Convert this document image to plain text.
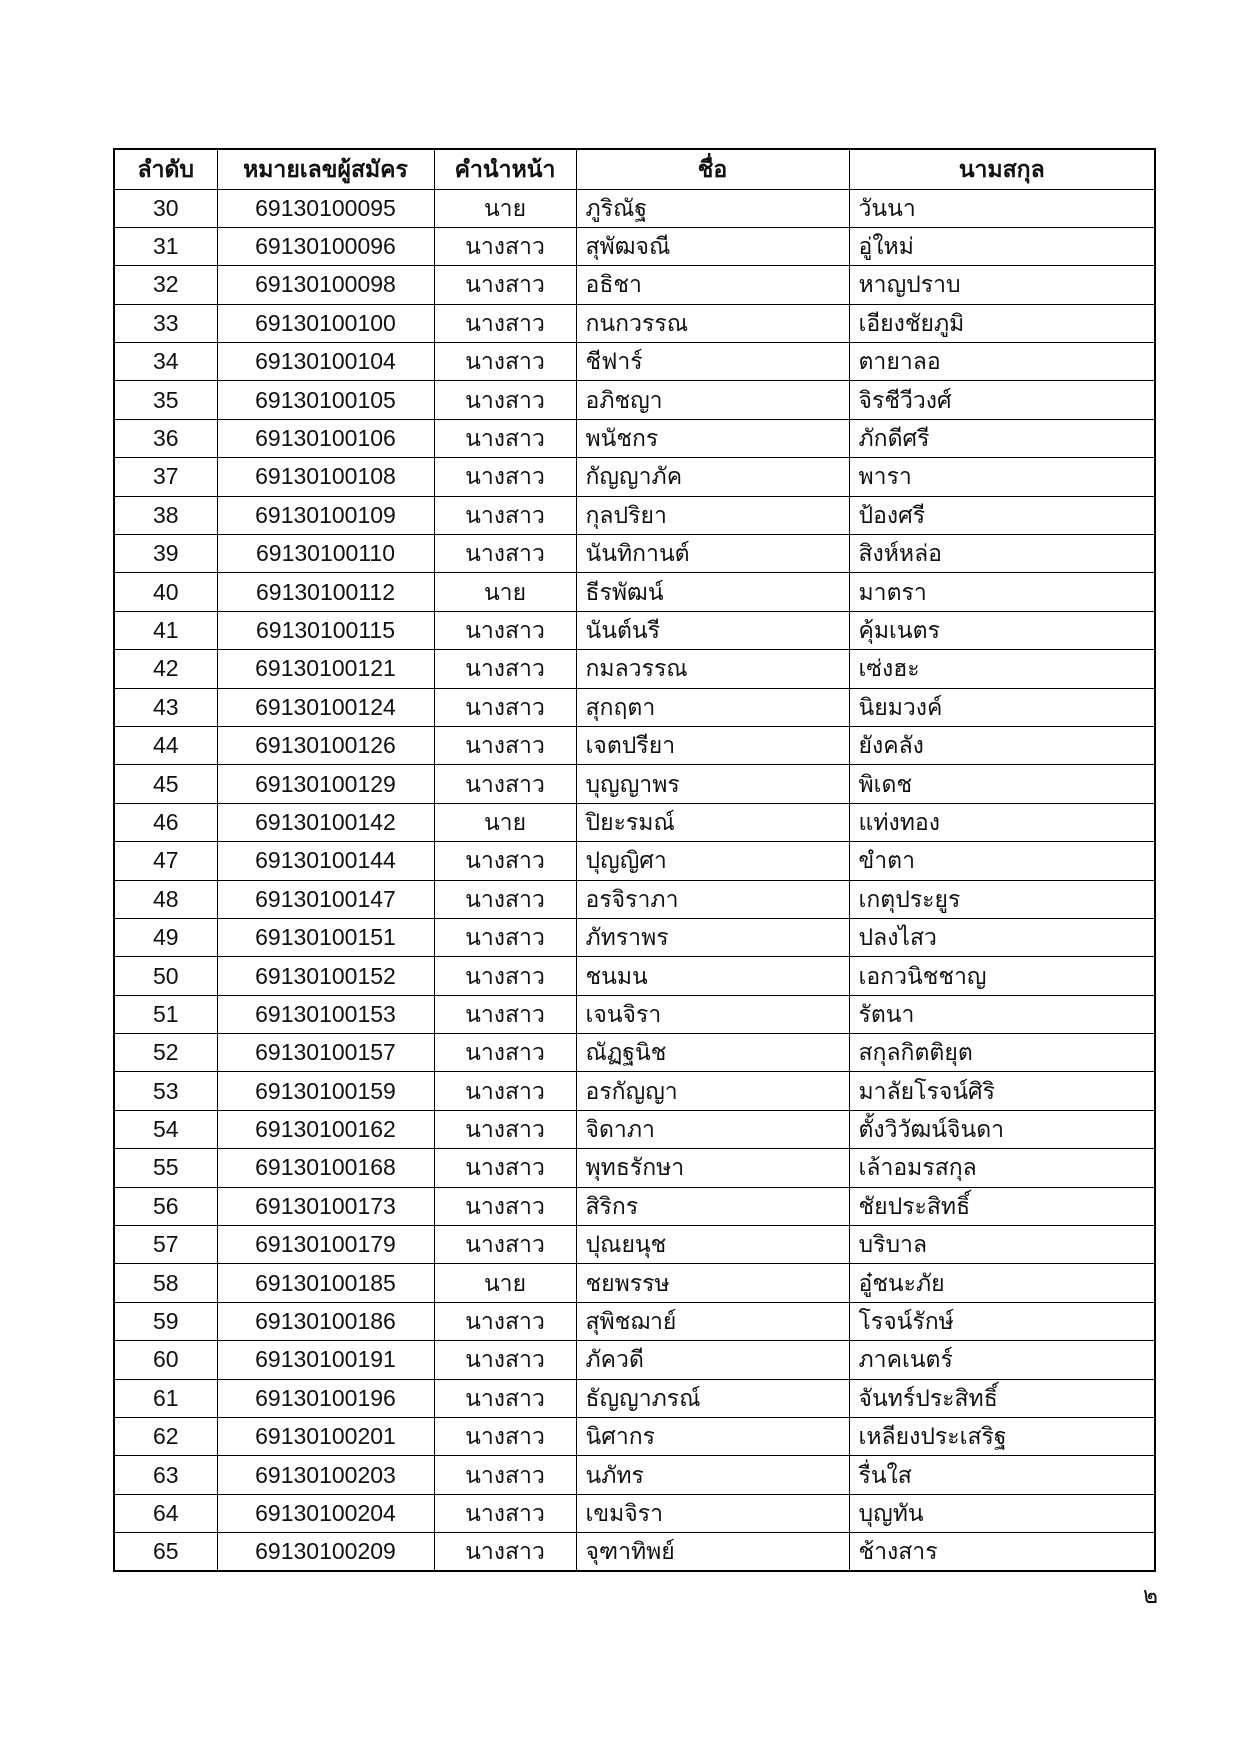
ลำดับ	หมายเลขผู้สมัคร	คำนำหน้า	ชื่อ	นามสกุล
30	69130100095	นาย	ภูริณัฐ	วันนา
31	69130100096	นางสาว	สุพัฒจณี	อู่ใหม่
32	69130100098	นางสาว	อธิชา	หาญปราบ
33	69130100100	นางสาว	กนกวรรณ	เอียงชัยภูมิ
34	69130100104	นางสาว	ชีฟาร์	ตายาลอ
35	69130100105	นางสาว	อภิชญา	จิรชีวีวงศ์
36	69130100106	นางสาว	พนัชกร	ภักดีศรี
37	69130100108	นางสาว	กัญญาภัค	พารา
38	69130100109	นางสาว	กุลปริยา	ป้องศรี
39	69130100110	นางสาว	นันทิกานต์	สิงห์หล่อ
40	69130100112	นาย	ธีรพัฒน์	มาตรา
41	69130100115	นางสาว	นันต์นรี	คุ้มเนตร
42	69130100121	นางสาว	กมลวรรณ	เซ่งฮะ
43	69130100124	นางสาว	สุกฤตา	นิยมวงค์
44	69130100126	นางสาว	เจตปรียา	ยังคลัง
45	69130100129	นางสาว	บุญญาพร	พิเดช
46	69130100142	นาย	ปิยะรมณ์	แท่งทอง
47	69130100144	นางสาว	ปุญญิศา	ขำตา
48	69130100147	นางสาว	อรจิราภา	เกตุประยูร
49	69130100151	นางสาว	ภัทราพร	ปลงไสว
50	69130100152	นางสาว	ชนมน	เอกวนิชชาญ
51	69130100153	นางสาว	เจนจิรา	รัตนา
52	69130100157	นางสาว	ณัฏฐนิช	สกุลกิตติยุต
53	69130100159	นางสาว	อรกัญญา	มาลัยโรจน์ศิริ
54	69130100162	นางสาว	จิดาภา	ตั้งวิวัฒน์จินดา
55	69130100168	นางสาว	พุทธรักษา	เล้าอมรสกุล
56	69130100173	นางสาว	สิริกร	ชัยประสิทธิ์
57	69130100179	นางสาว	ปุณยนุช	บริบาล
58	69130100185	นาย	ชยพรรษ	อู๋ชนะภัย
59	69130100186	นางสาว	สุพิชฌาย์	โรจน์รักษ์
60	69130100191	นางสาว	ภัควดี	ภาคเนตร์
61	69130100196	นางสาว	ธัญญาภรณ์	จันทร์ประสิทธิ์
62	69130100201	นางสาว	นิศากร	เหลียงประเสริฐ
63	69130100203	นางสาว	นภัทร	รื่นใส
64	69130100204	นางสาว	เขมจิรา	บุญทัน
65	69130100209	นางสาว	จุฑาทิพย์	ช้างสาร
๒
